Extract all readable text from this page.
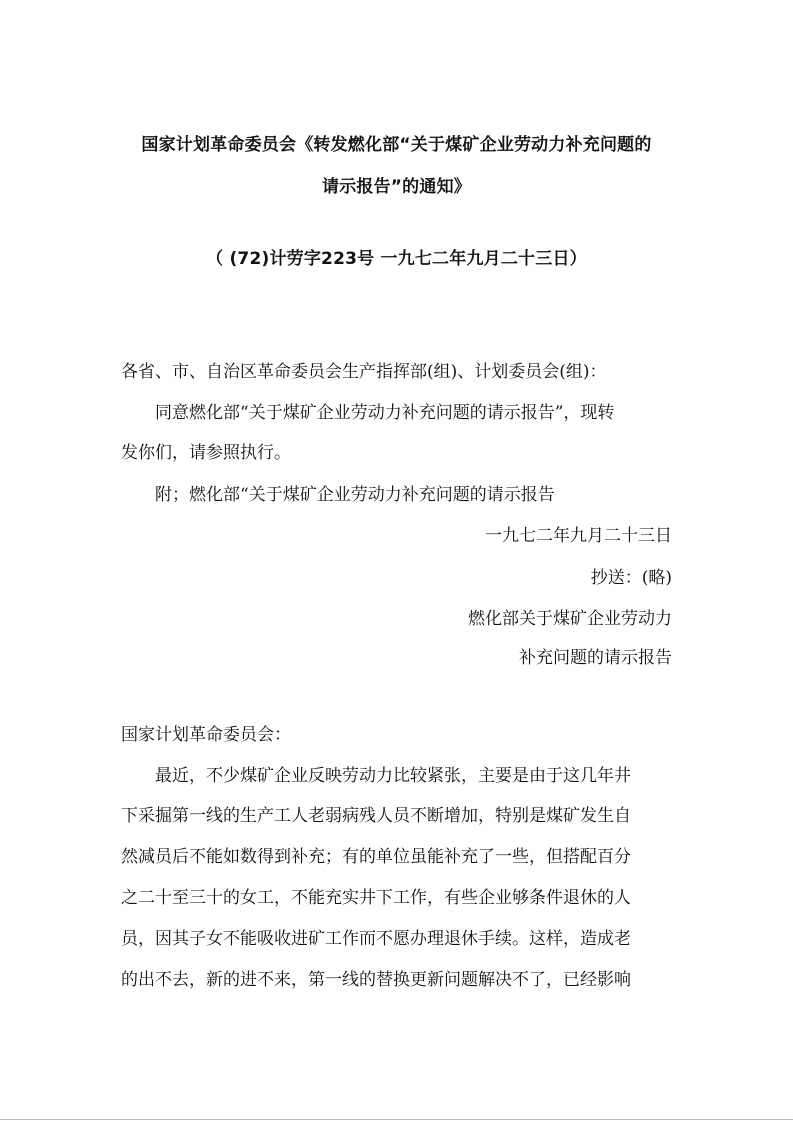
国家计划革命委员会《转发燃化部“关于煤矿企业劳动力补充问题的
请示报告”的通知》
（ (72)计劳字223号 一九七二年九月二十三日）
各省、市、自治区革命委员会生产指挥部(组)、计划委员会(组)：
同意燃化部“关于煤矿企业劳动力补充问题的请示报告”，现转
发你们，请参照执行。
附；燃化部“关于煤矿企业劳动力补充问题的请示报告
一九七二年九月二十三日
抄送：(略)
燃化部关于煤矿企业劳动力
补充问题的请示报告
国家计划革命委员会：
最近，不少煤矿企业反映劳动力比较紧张，主要是由于这几年井
下采掘第一线的生产工人老弱病残人员不断增加，特别是煤矿发生自
然减员后不能如数得到补充；有的单位虽能补充了一些，但搭配百分
之二十至三十的女工，不能充实井下工作，有些企业够条件退休的人
员，因其子女不能吸收进矿工作而不愿办理退休手续。这样，造成老
的出不去，新的进不来，第一线的替换更新问题解决不了，已经影响
